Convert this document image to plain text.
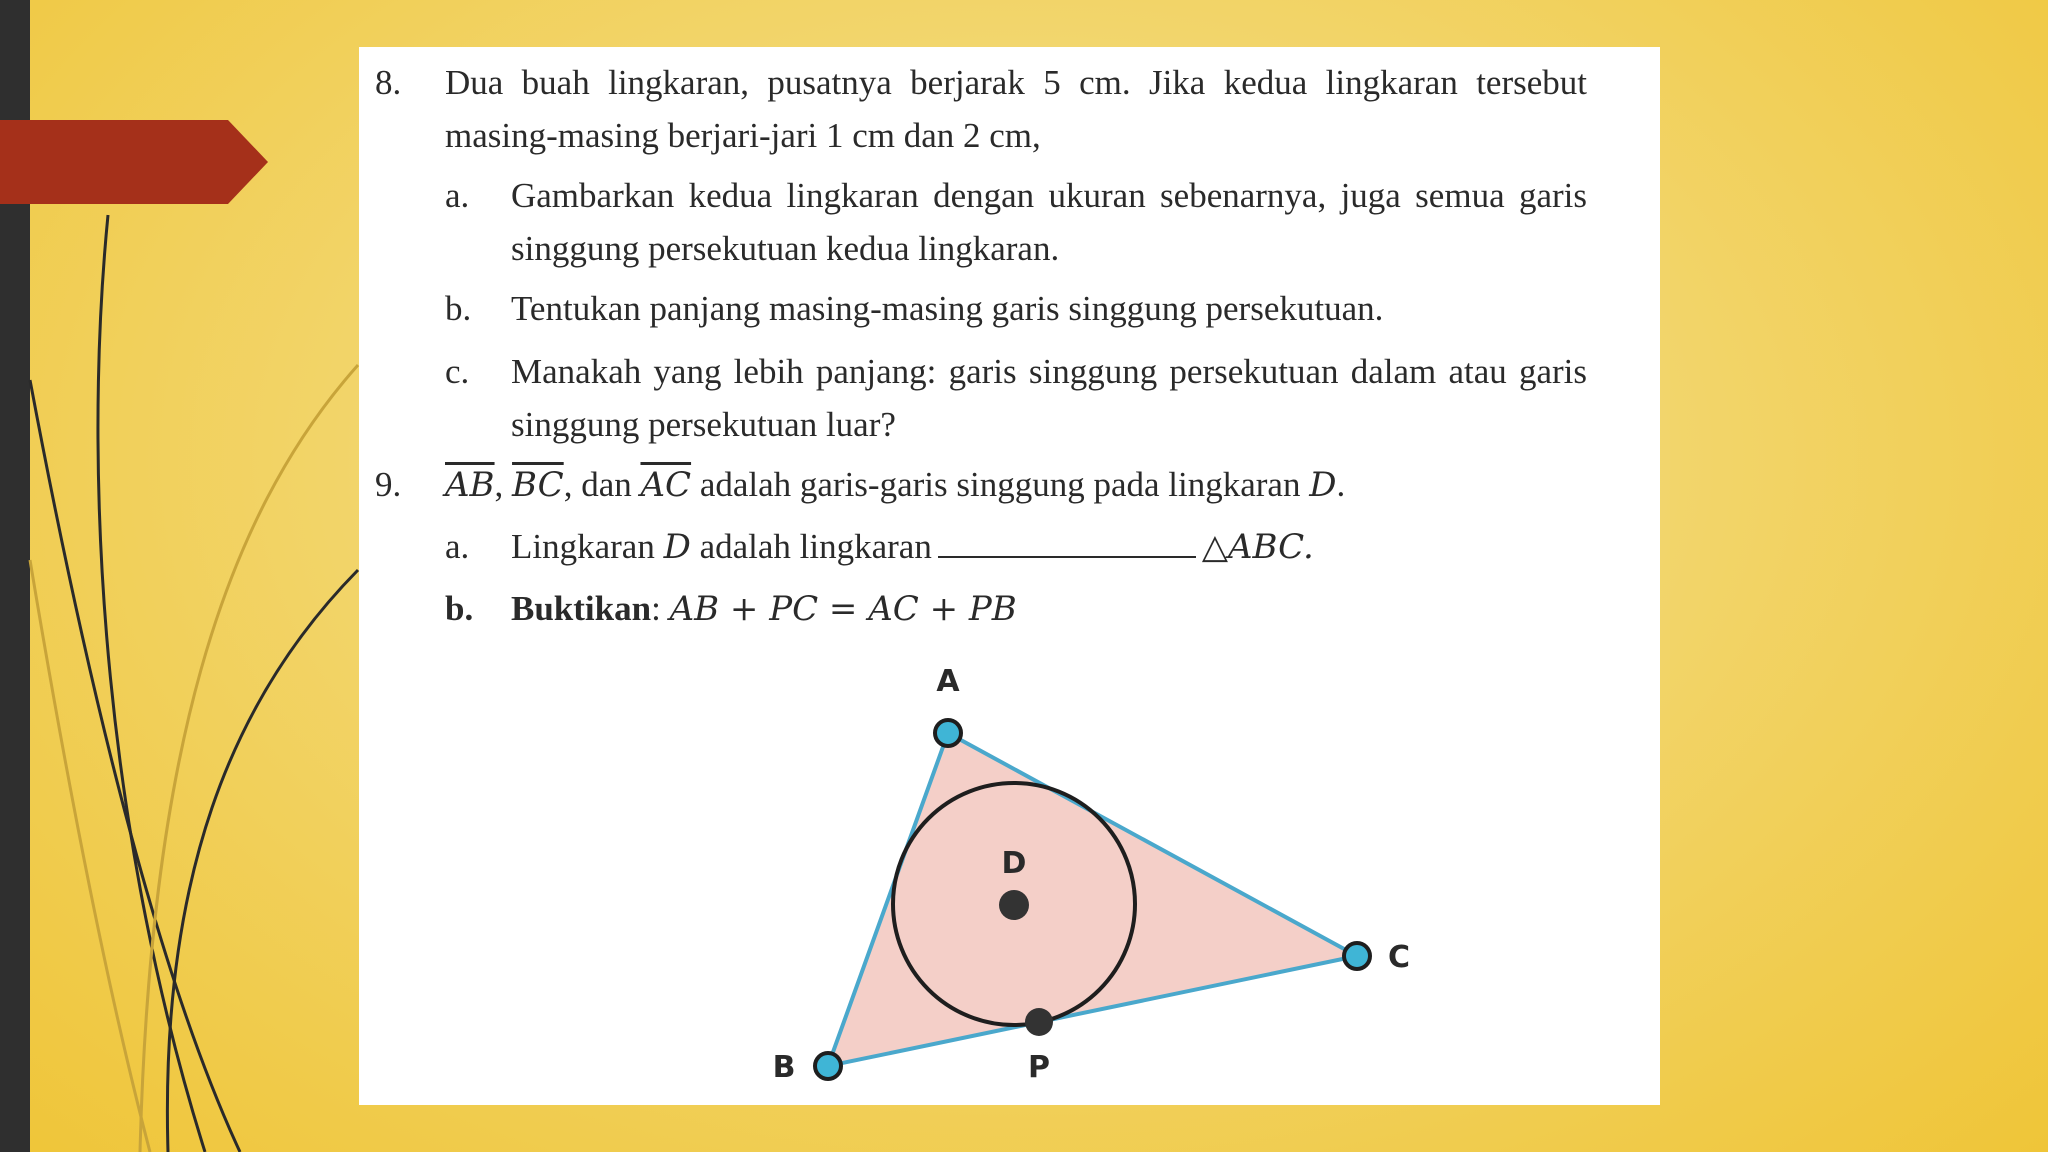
8. Dua buah lingkaran, pusatnya berjarak 5 cm. Jika kedua lingkaran tersebut
masing-masing berjari-jari 1 cm dan 2 cm,
a. Gambarkan kedua lingkaran dengan ukuran sebenarnya, juga semua garis
singgung persekutuan kedua lingkaran.
b. Tentukan panjang masing-masing garis singgung persekutuan.
c. Manakah yang lebih panjang: garis singgung persekutuan dalam atau garis
singgung persekutuan luar?
9. $\overline{AB}$, $\overline{BC}$, dan $\overline{AC}$ adalah garis-garis singgung pada lingkaran D.
a. Lingkaran D adalah lingkaran	△ABC.
b. Buktikan: AB + PC = AC + PB
A
B
C
D
P
